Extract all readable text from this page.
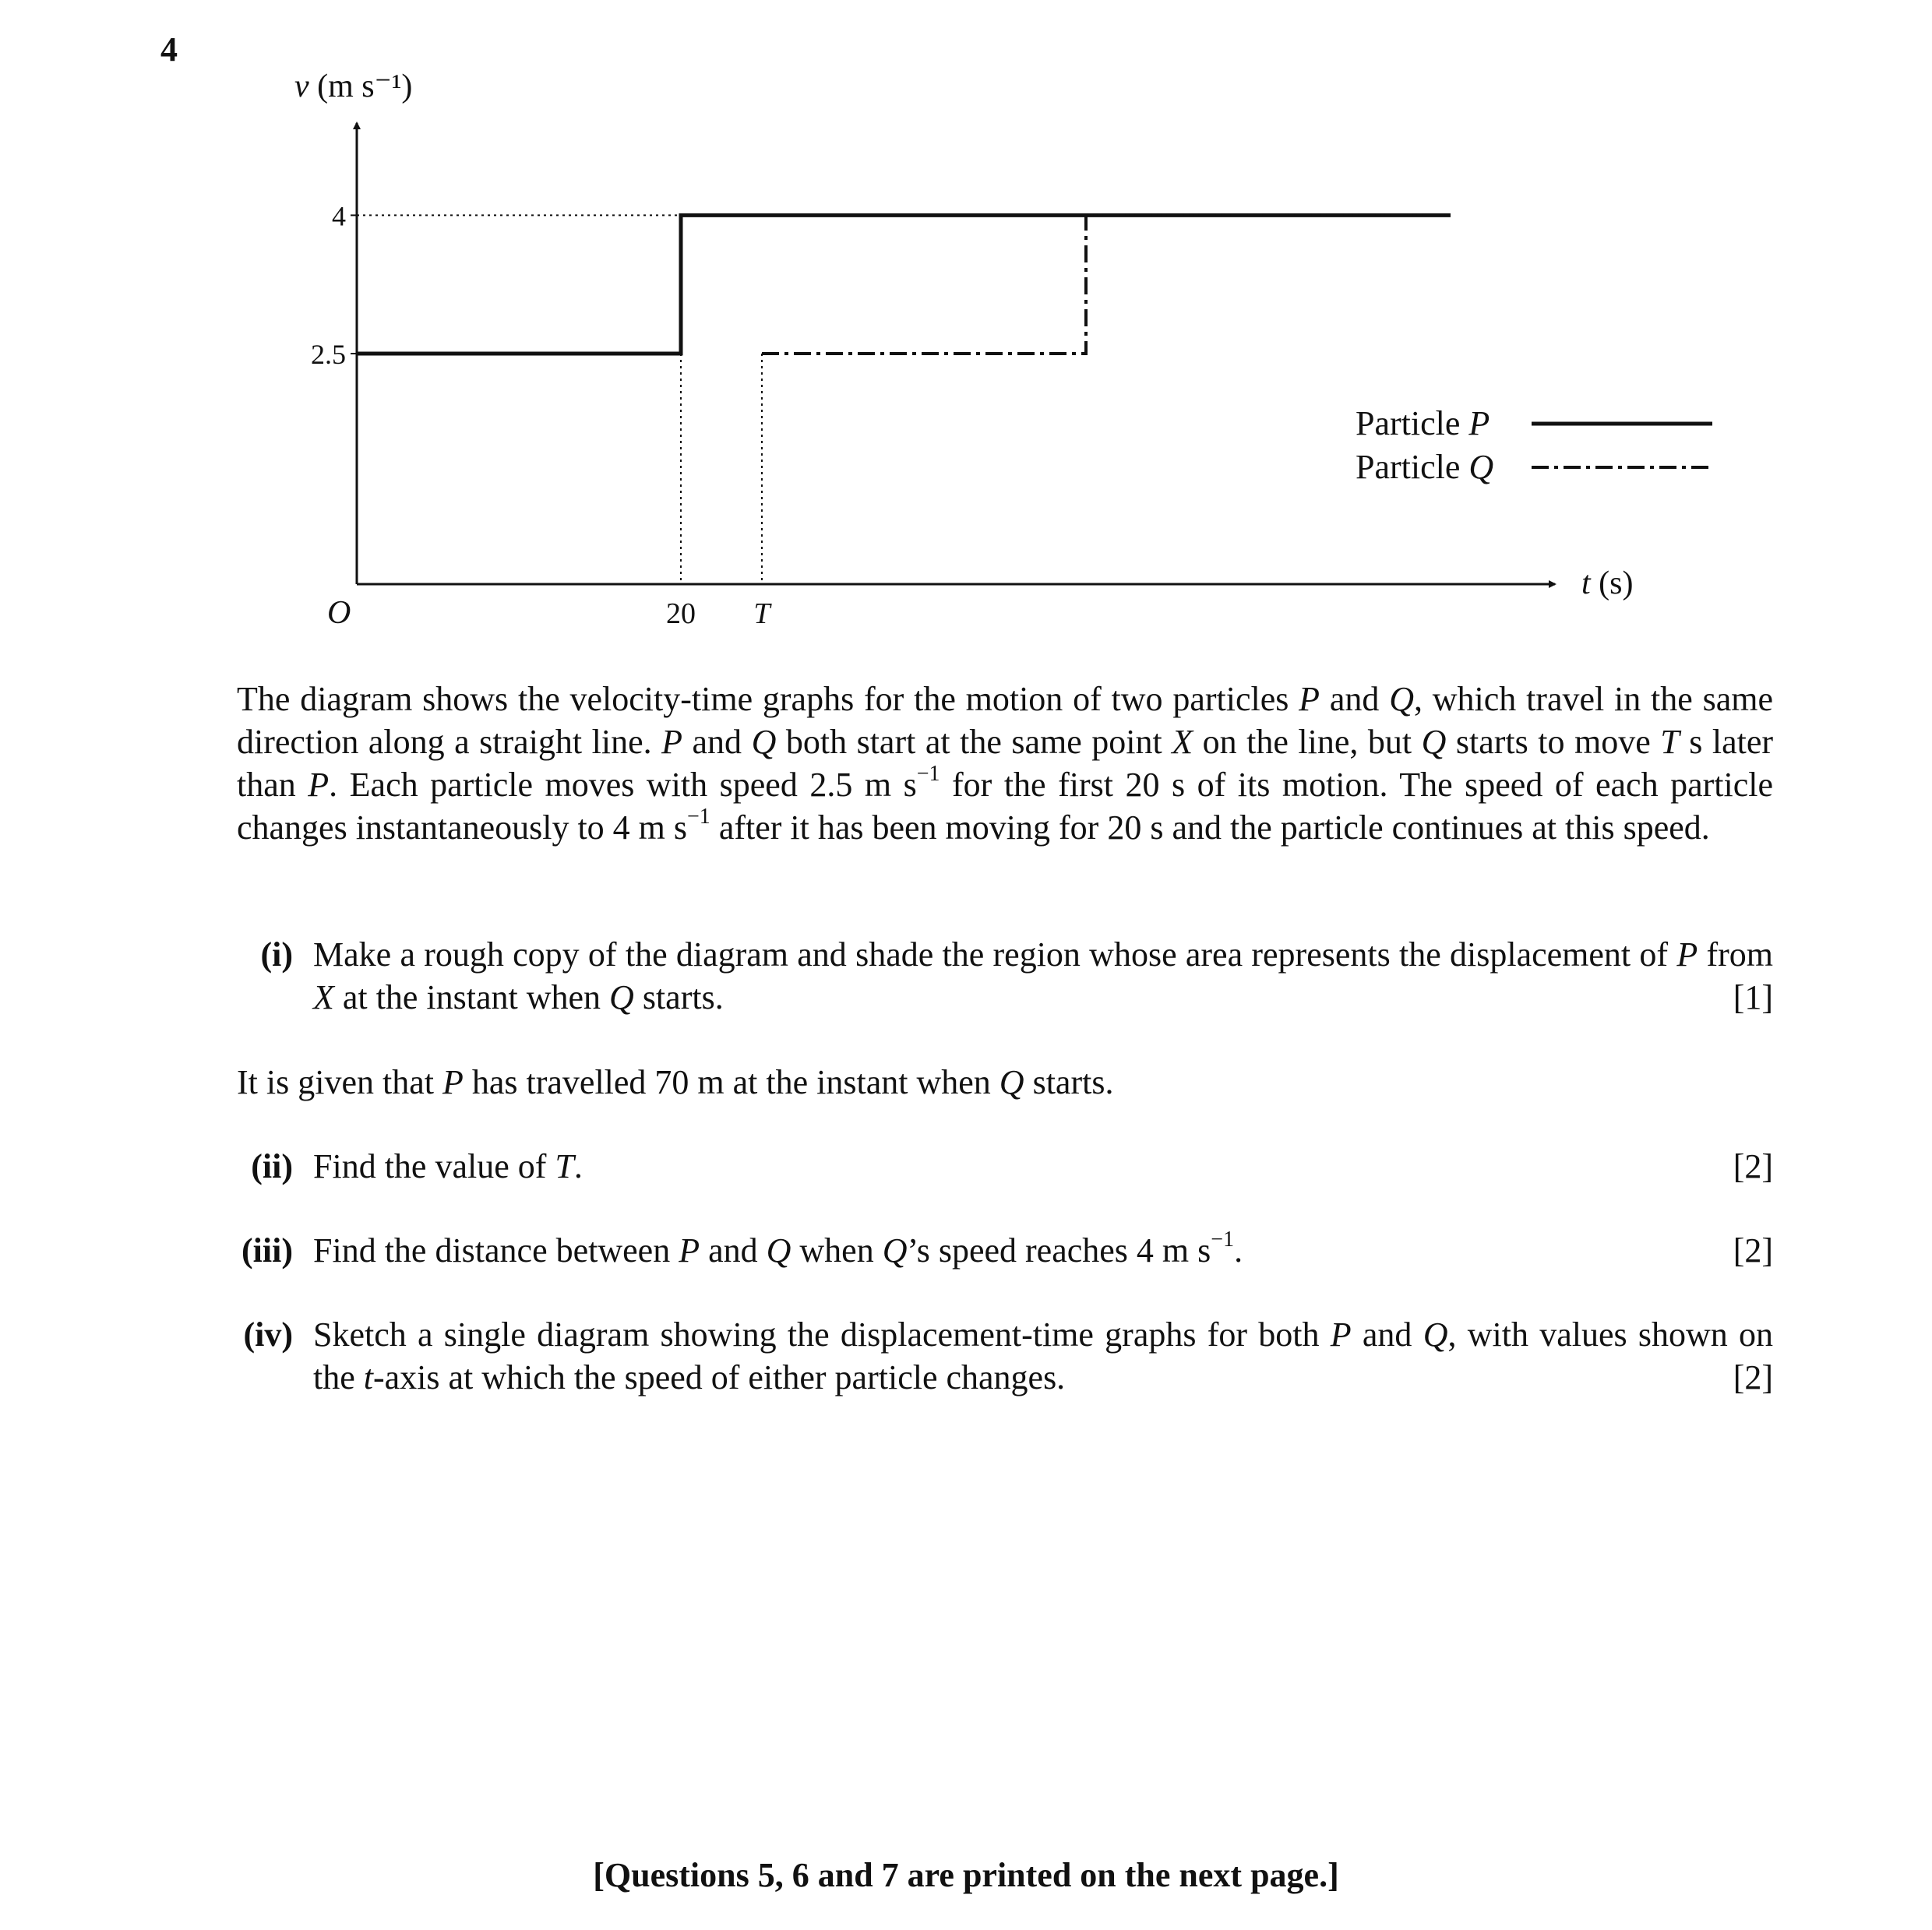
4
v (m s⁻¹)
t (s)
O
2.5
4
20 T
Particle P
Particle Q

The diagram shows the velocity-time graphs for the motion of two particles P and Q, which travel in the same direction along a straight line. P and Q both start at the same point X on the line, but Q starts to move T s later than P. Each particle moves with speed 2.5 m $s^{-1}$ for the first 20 s of its motion. The speed of each particle changes instantaneously to 4 m $s^{-1}$ after it has been moving for 20 s and the particle continues at this speed.

(i) Make a rough copy of the diagram and shade the region whose area represents the displacement of P from X at the instant when Q starts.	[1]
It is given that P has travelled 70 m at the instant when Q starts.
(ii) Find the value of T.	[2]
(iii) Find the distance between P and Q when Q’s speed reaches 4 m $s^{-1}$.	[2]
(iv) Sketch a single diagram showing the displacement-time graphs for both P and Q, with values shown on the t-axis at which the speed of either particle changes.	[2]
[Questions 5, 6 and 7 are printed on the next page.]
